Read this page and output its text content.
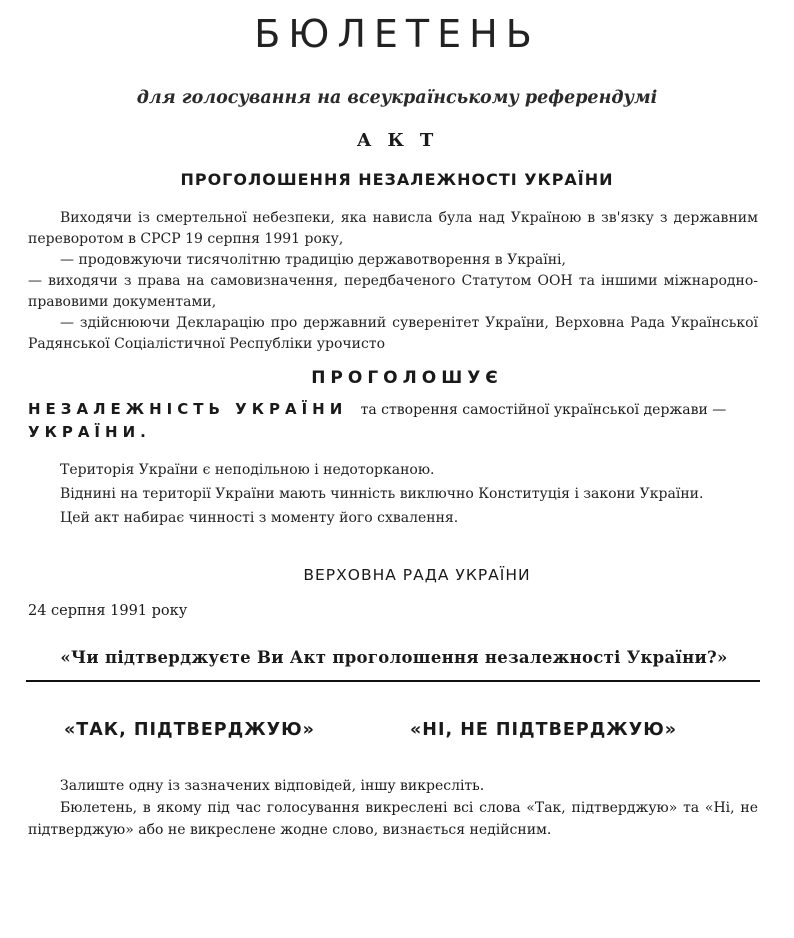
БЮЛЕТЕНЬ
для голосування на всеукраїнському референдумі
АКТ
ПРОГОЛОШЕННЯ НЕЗАЛЕЖНОСТІ УКРАЇНИ

Виходячи із смертельної небезпеки, яка нависла була над Україною в зв'язку з державним переворотом в СРСР 19 серпня 1991 року,

— продовжуючи тисячолітню традицію державотворення в Україні,

— виходячи з права на самовизначення, передбаченого Статутом ООН та іншими міжнародно-правовими документами,

— здійснюючи Декларацію про державний суверенітет України, Верховна Рада Української Радянської Соціалістичної Республіки урочисто

ПРОГОЛОШУЄ
НЕЗАЛЕЖНІСТЬ УКРАЇНИ та створення самостійної української держави — УКРАЇНИ.

Територія України є неподільною і недоторканою.

Віднині на території України мають чинність виключно Конституція і закони України.

Цей акт набирає чинності з моменту його схвалення.

ВЕРХОВНА РАДА УКРАЇНИ
24 серпня 1991 року
«Чи підтверджуєте Ви Акт проголошення незалежності України?»
«ТАК, ПІДТВЕРДЖУЮ»	«НІ, НЕ ПІДТВЕРДЖУЮ»

Залиште одну із зазначених відповідей, іншу викресліть.

Бюлетень, в якому під час голосування викреслені всі слова «Так, підтверджую» та «Ні, не підтверджую» або не викреслене жодне слово, визнається недійсним.
